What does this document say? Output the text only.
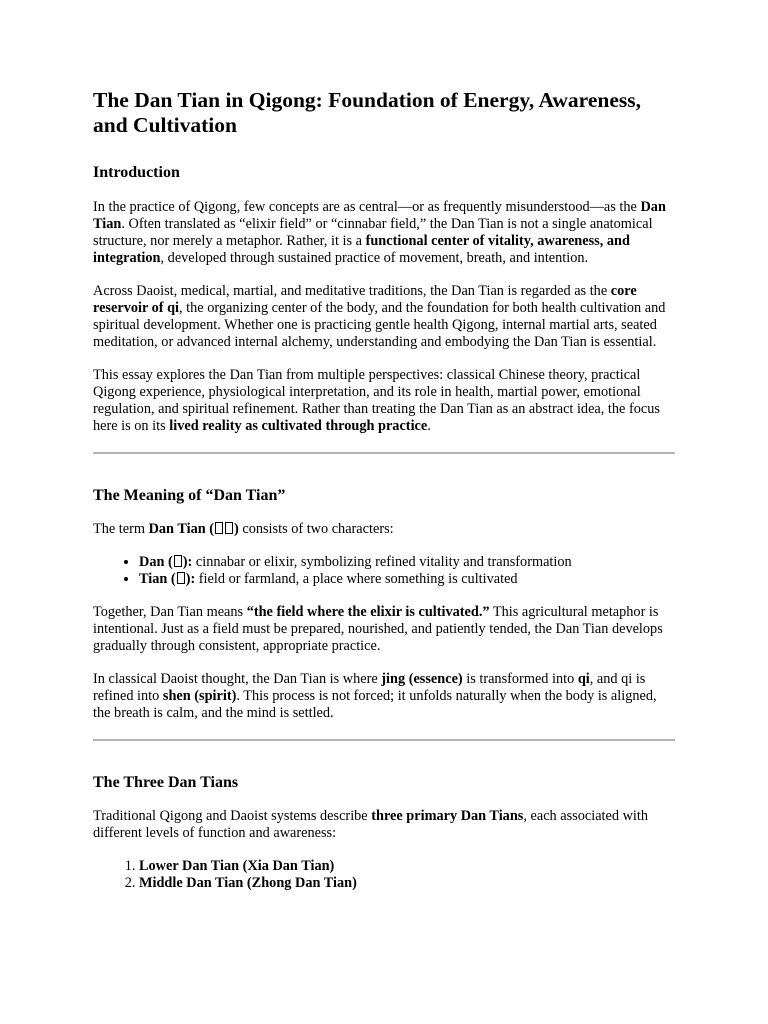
The Dan Tian in Qigong: Foundation of Energy, Awareness, and Cultivation
Introduction

In the practice of Qigong, few concepts are as central—or as frequently misunderstood—as the Dan Tian. Often translated as “elixir field” or “cinnabar field,” the Dan Tian is not a single anatomical structure, nor merely a metaphor. Rather, it is a functional center of vitality, awareness, and integration, developed through sustained practice of movement, breath, and intention.

Across Daoist, medical, martial, and meditative traditions, the Dan Tian is regarded as the core reservoir of qi, the organizing center of the body, and the foundation for both health cultivation and spiritual development. Whether one is practicing gentle health Qigong, internal martial arts, seated meditation, or advanced internal alchemy, understanding and embodying the Dan Tian is essential.

This essay explores the Dan Tian from multiple perspectives: classical Chinese theory, practical Qigong experience, physiological interpretation, and its role in health, martial power, emotional regulation, and spiritual refinement. Rather than treating the Dan Tian as an abstract idea, the focus here is on its lived reality as cultivated through practice.

The Meaning of “Dan Tian”

The term Dan Tian ( ) consists of two characters:

• Dan ( ): cinnabar or elixir, symbolizing refined vitality and transformation
• Tian ( ): field or farmland, a place where something is cultivated

Together, Dan Tian means “the field where the elixir is cultivated.” This agricultural metaphor is intentional. Just as a field must be prepared, nourished, and patiently tended, the Dan Tian develops gradually through consistent, appropriate practice.

In classical Daoist thought, the Dan Tian is where jing (essence) is transformed into qi, and qi is refined into shen (spirit). This process is not forced; it unfolds naturally when the body is aligned, the breath is calm, and the mind is settled.

The Three Dan Tians

Traditional Qigong and Daoist systems describe three primary Dan Tians, each associated with different levels of function and awareness:

1. Lower Dan Tian (Xia Dan Tian)
2. Middle Dan Tian (Zhong Dan Tian)
